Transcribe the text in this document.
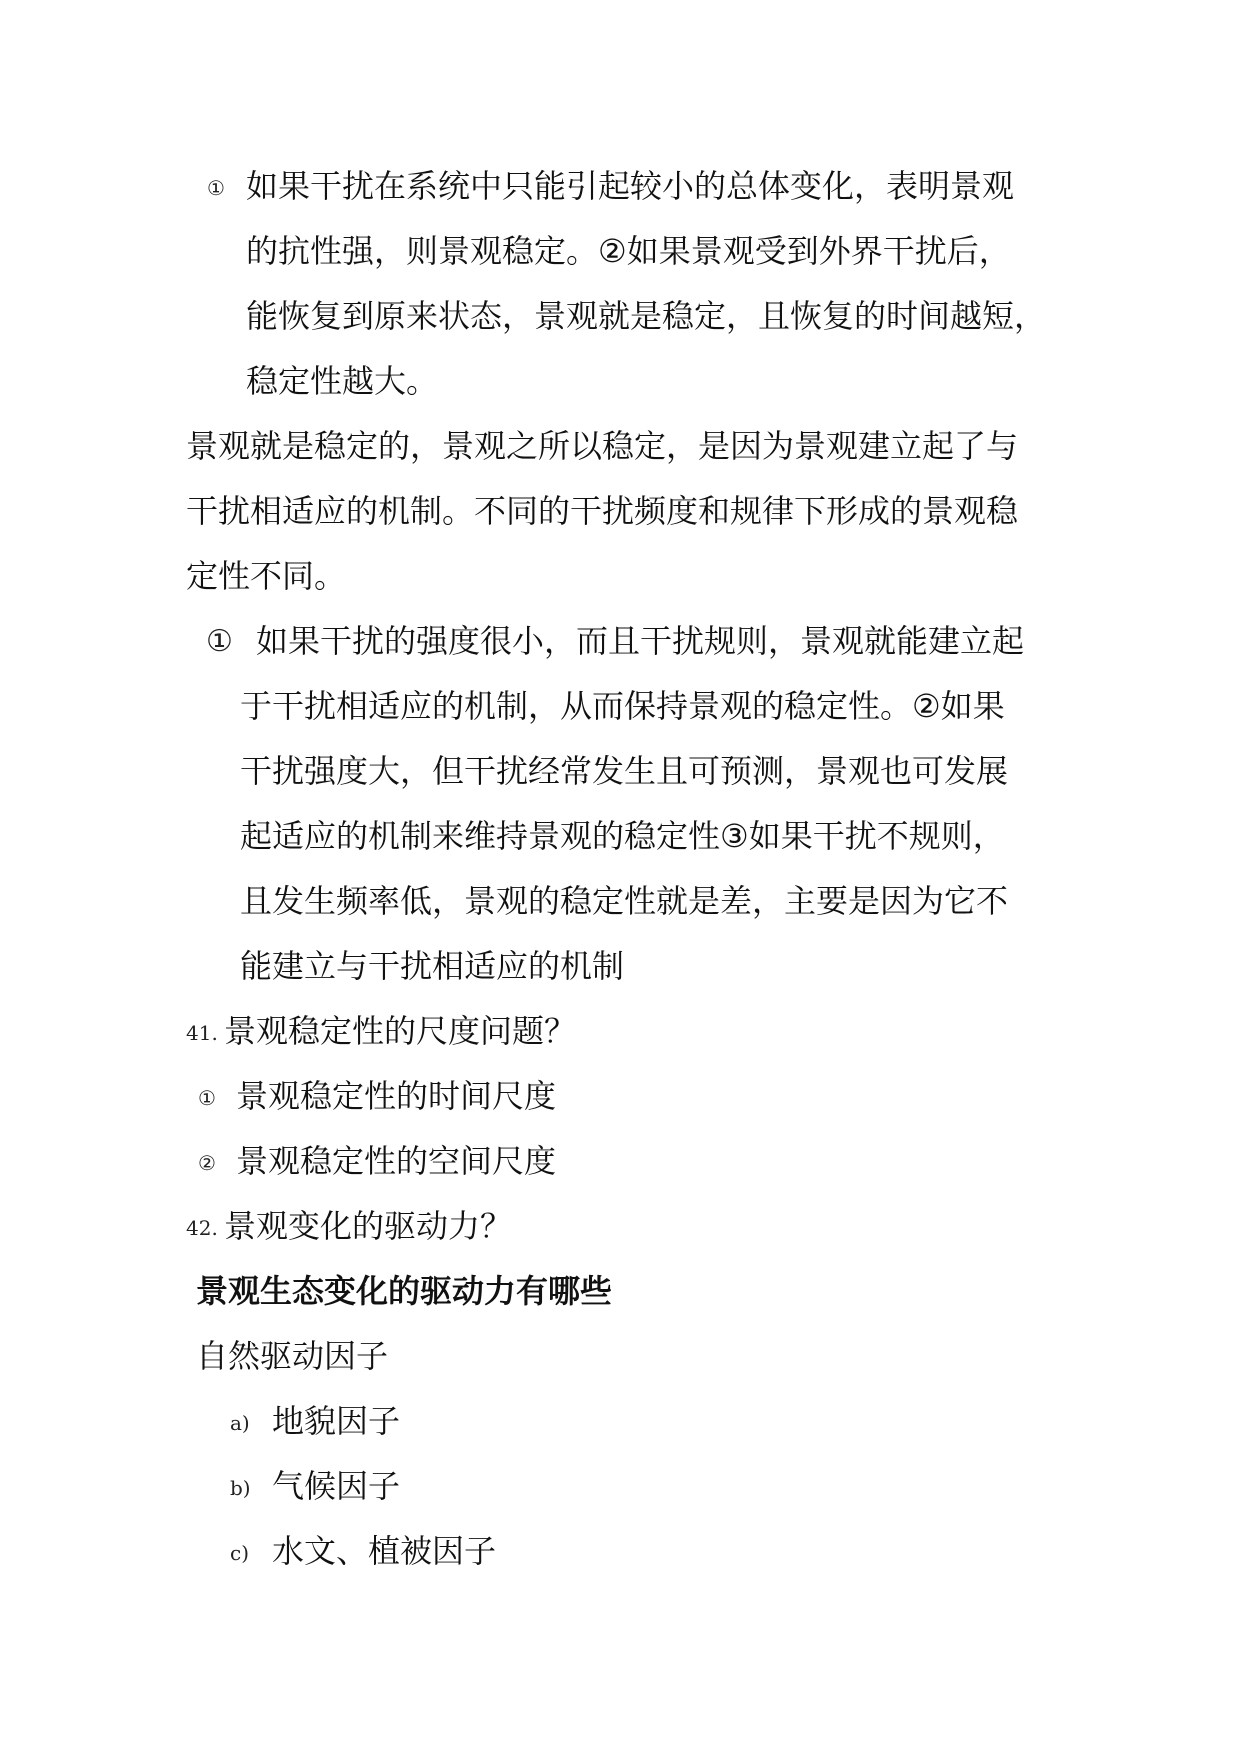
① 如果干扰在系统中只能引起较小的总体变化，表明景观
的抗性强，则景观稳定。②如果景观受到外界干扰后，
能恢复到原来状态，景观就是稳定，且恢复的时间越短，
稳定性越大。
景观就是稳定的，景观之所以稳定，是因为景观建立起了与
干扰相适应的机制。不同的干扰频度和规律下形成的景观稳
定性不同。
① 如果干扰的强度很小，而且干扰规则，景观就能建立起
于干扰相适应的机制，从而保持景观的稳定性。②如果
干扰强度大，但干扰经常发生且可预测，景观也可发展
起适应的机制来维持景观的稳定性③如果干扰不规则，
且发生频率低，景观的稳定性就是差，主要是因为它不
能建立与干扰相适应的机制
41. 景观稳定性的尺度问题？
① 景观稳定性的时间尺度
② 景观稳定性的空间尺度
42. 景观变化的驱动力？
景观生态变化的驱动力有哪些
自然驱动因子
a) 地貌因子
b) 气候因子
c) 水文、植被因子
